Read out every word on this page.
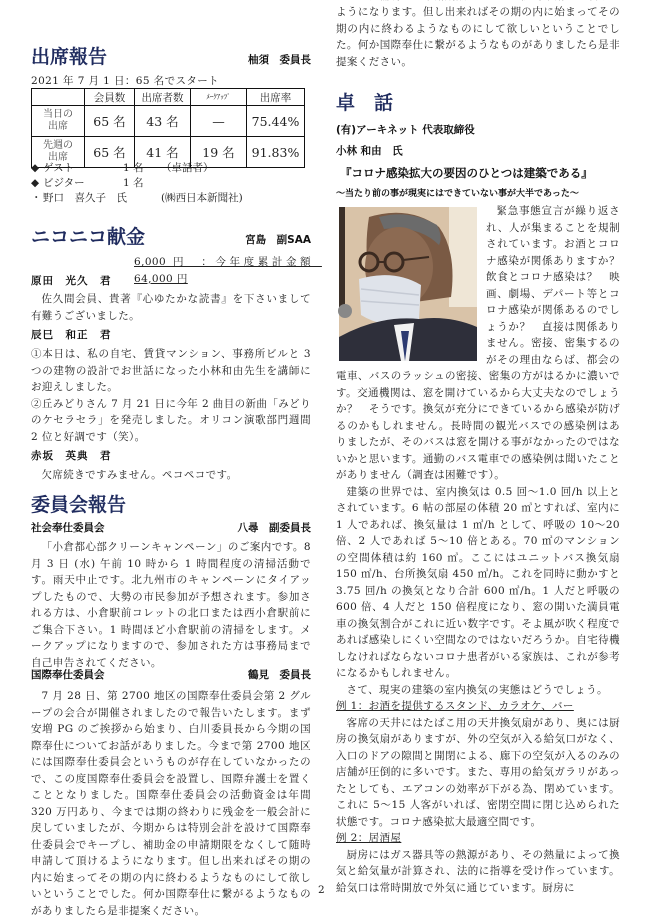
出席報告	柚須　委員長
2021 年 7 月 1 日：65 名でスタート
	会員数	出席者数	ﾒｰｸｱｯﾌﾟ	出席率
当日の出席	65 名	43 名	—	75.44%
先週の出席	65 名	41 名	19 名	91.83%
◆ ゲスト	1 名	（卓話者）
◆ ビジター	1 名
・ 野口　喜久子　氏	(㈱西日本新聞社)
ニコニコ献金	宮島　副SAA
6,000 円　：今年度累計金額　64,000 円
原田　光久　君
佐久間会員、貴著『心ゆたかな読書』を下さいまして有難うございました。
辰巳　和正　君
①本日は、私の自宅、賃貸マンション、事務所ビルと 3 つの建物の設計でお世話になった小林和由先生を講師にお迎えしました。
②丘みどりさん 7 月 21 日に今年 2 曲目の新曲「みどりのケセラセラ」を発売しました。オリコン演歌部門週間 2 位と好調です（笑）。
赤坂　英典　君
欠席続きですみません。ペコペコです。
委員会報告
社会奉仕委員会	八尋　副委員長
「小倉都心部クリーンキャンペーン」のご案内です。8月 3 日 (水) 午前 10 時から 1 時間程度の清掃活動です。雨天中止です。北九州市のキャンペーンにタイアップしたもので、大勢の市民参加が予想されます。参加される方は、小倉駅前コレットの北口または西小倉駅前にご集合下さい。1 時間ほど小倉駅前の清掃をします。メークアップになりますので、参加された方は事務局まで自己申告されてください。
国際奉仕委員会	鶴見　委員長
7 月 28 日、第 2700 地区の国際奉仕委員会第 2 グループの会合が開催されましたので報告いたします。まず安増 PG のご挨拶から始まり、白川委員長から今期の国際奉仕についてお話がありました。今まで第 2700 地区には国際奉仕委員会というものが存在していなかったので、この度国際奉仕委員会を設置し、国際弁護士を置くこととなりました。国際奉仕委員会の活動資金は年間 320 万円あり、今までは期の終わりに残金を一般会計に戻していましたが、今期からは特別会計を設けて国際奉仕委員会でキープし、補助金の申請期限をなくして随時申請して頂けるようになります。但し出来ればその期の内に始まってその期の内に終わるようなものにして欲しいということでした。何か国際奉仕に繋がるようなものがありましたら是非提案ください。
ようになります。但し出来ればその期の内に始まってその期の内に終わるようなものにして欲しいということでした。何か国際奉仕に繋がるようなものがありましたら是非提案ください。
卓　話
(有)アーキネット 代表取締役
小林 和由　氏
『コロナ感染拡大の要因のひとつは建築である』
～当たり前の事が現実にはできていない事が大半であった～
緊急事態宣言が繰り返され、人が集まることを規制されています。お酒とコロナ感染が関係ありますか？　飲食とコロナ感染は？　映画、劇場、デパート等とコロナ感染が関係あるのでしょうか？　直接は関係ありません。密接、密集するのがその理由ならば、都会の電車、バスのラッシュの密接、密集の方がはるかに濃いです。交通機関は、窓を開けているから大丈夫なのでしょうか？　そうです。換気が充分にできているから感染が防げるのかもしれません。長時間の観光バスでの感染例はありましたが、そのバスは窓を開ける事がなかったのではないかと思います。通勤のバス電車での感染例は聞いたことがありません（調査は困難です）。
建築の世界では、室内換気は 0.5 回～1.0 回/h 以上とされています。6 帖の部屋の体積 20 ㎥とすれば、室内に 1 人であれば、換気量は 1 ㎥/h として、呼吸の 10～20 倍、2 人であれば 5～10 倍とある。70 ㎡のマンションの空間体積は約 160 ㎥。ここにはユニットバス換気扇 150 ㎥/h、台所換気扇 450 ㎥/h。これを同時に動かすと 3.75 回/h の換気となり合計 600 ㎥/h。1 人だと呼吸の 600 倍、4 人だと 150 倍程度になり、窓の開いた満員電車の換気割合がこれに近い数字です。そよ風が吹く程度であれば感染しにくい空間なのではないだろうか。自宅待機しなければならないコロナ患者がいる家族は、これが参考になるかもしれません。
さて、現実の建築の室内換気の実態はどうでしょう。
例 1：お酒を提供するスタンド、カラオケ、バー
客席の天井にはたばこ用の天井換気扇があり、奥には厨房の換気扇がありますが、外の空気が入る給気口がなく、入口のドアの隙間と開閉による、廊下の空気が入るのみの店舗が圧倒的に多いです。また、専用の給気ガラリがあったとしても、エアコンの効率が下がる為、閉めています。これに 5～15 人客がいれば、密閉空間に閉じ込められた状態です。コロナ感染拡大最適空間です。
例 2：居酒屋
厨房にはガス器具等の熱源があり、その熱量によって換気と給気量が計算され、法的に指導を受け作っています。給気口は常時開放で外気に通じています。厨房に
2
